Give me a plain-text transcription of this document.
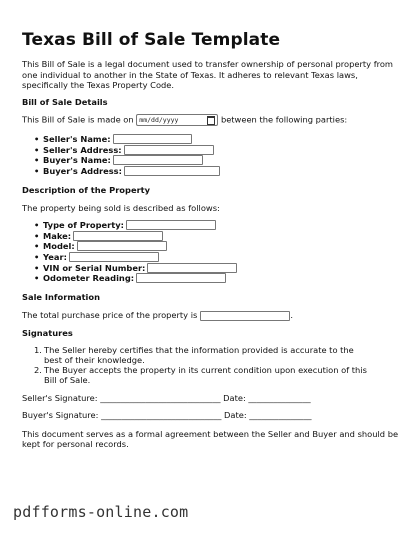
Texas Bill of Sale Template
This Bill of Sale is a legal document used to transfer ownership of personal property from
one individual to another in the State of Texas. It adheres to relevant Texas laws,
specifically the Texas Property Code.
Bill of Sale Details
This Bill of Sale is made on mm/dd/yyyy	between the following parties:
• Seller's Name:
• Seller's Address:
• Buyer's Name:
• Buyer's Address:
Description of the Property
The property being sold is described as follows:
• Type of Property:
• Make:
• Model:
• Year:
• VIN or Serial Number:
• Odometer Reading:
Sale Information
The total purchase price of the property is	.
Signatures
1. The Seller hereby certifies that the information provided is accurate to the best of their knowledge.
2. The Buyer accepts the property in its current condition upon execution of this Bill of Sale.
Seller's Signature: _____________________________ Date: _______________
Buyer's Signature: _____________________________ Date: _______________
This document serves as a formal agreement between the Seller and Buyer and should be
kept for personal records.
pdfforms-online.com
